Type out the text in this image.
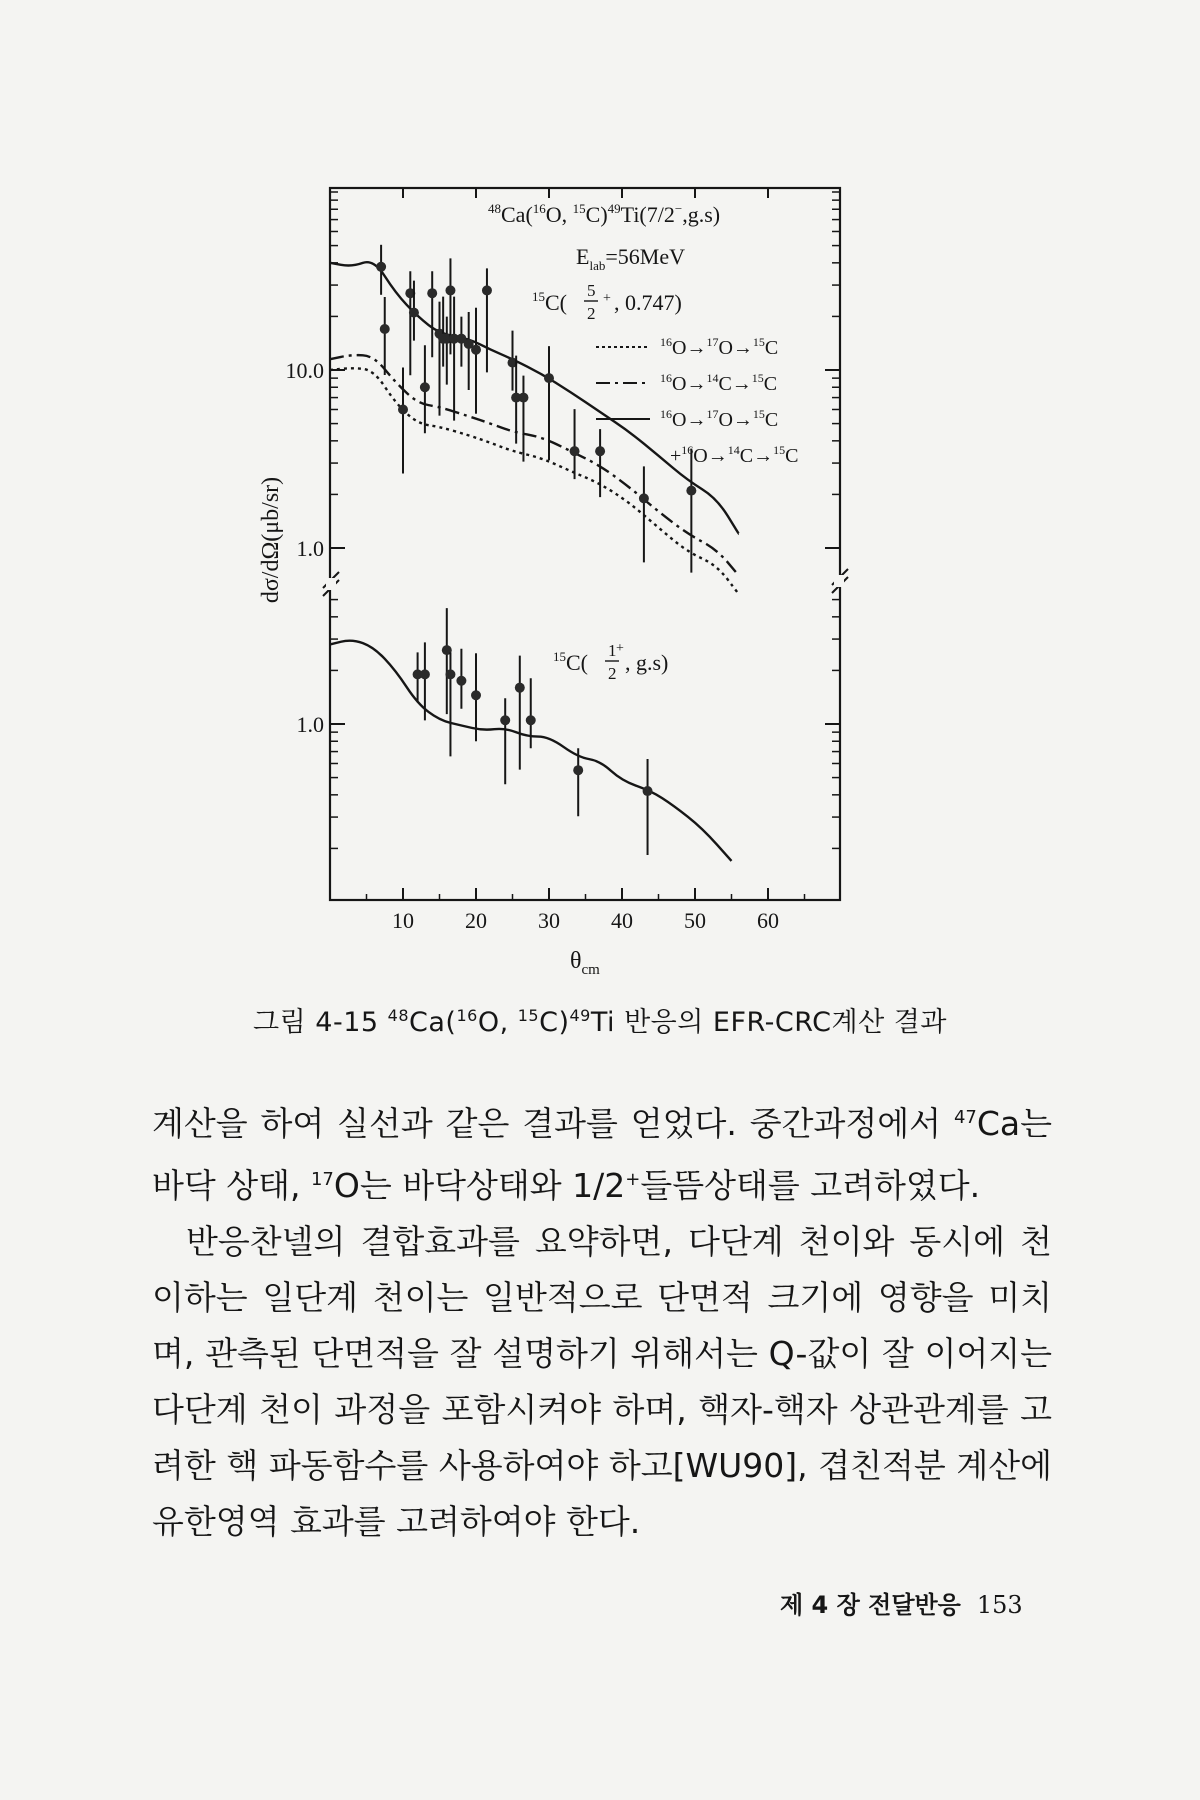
10.0
1.0
1.0
10 20 30 40 50 60
dσ/dΩ(μb/sr)
$\theta_{cm}$
$^{48}$Ca($^{16}$O, $^{15}$C)$^{49}$Ti(7/2−,g.s)
$E_{lab}=56MeV$
$^{15}$C( 5
2
+ , 0.747)
$^{15}$C( 1
2
+
, g.s)
$^{16}$O→$^{17}$O→$^{15}$C
$^{16}$O→$^{14}$C→$^{15}$C
$^{16}$O→$^{17}$O→$^{15}$C
+$^{16}$O→$^{14}$C→$^{15}$C
그림 4-15 $^{48}$Ca($^{16}$O, $^{15}$C)$^{49}$Ti 반응의 EFR-CRC계산 결과

계산을 하여 실선과 같은 결과를 얻었다. 중간과정에서 $^{47}$Ca는 바닥 상태, $^{17}$O는 바닥상태와 1/2+들뜸상태를 고려하였다.

반응찬넬의 결합효과를 요약하면, 다단계 천이와 동시에 천이하는 일단계 천이는 일반적으로 단면적 크기에 영향을 미치며, 관측된 단면적을 잘 설명하기 위해서는 Q-값이 잘 이어지는 다단계 천이 과정을 포함시켜야 하며, 핵자-핵자 상관관계를 고려한 핵 파동함수를 사용하여야 하고[WU90], 겹친적분 계산에 유한영역 효과를 고려하여야 한다.

제 4 장 전달반응 153
